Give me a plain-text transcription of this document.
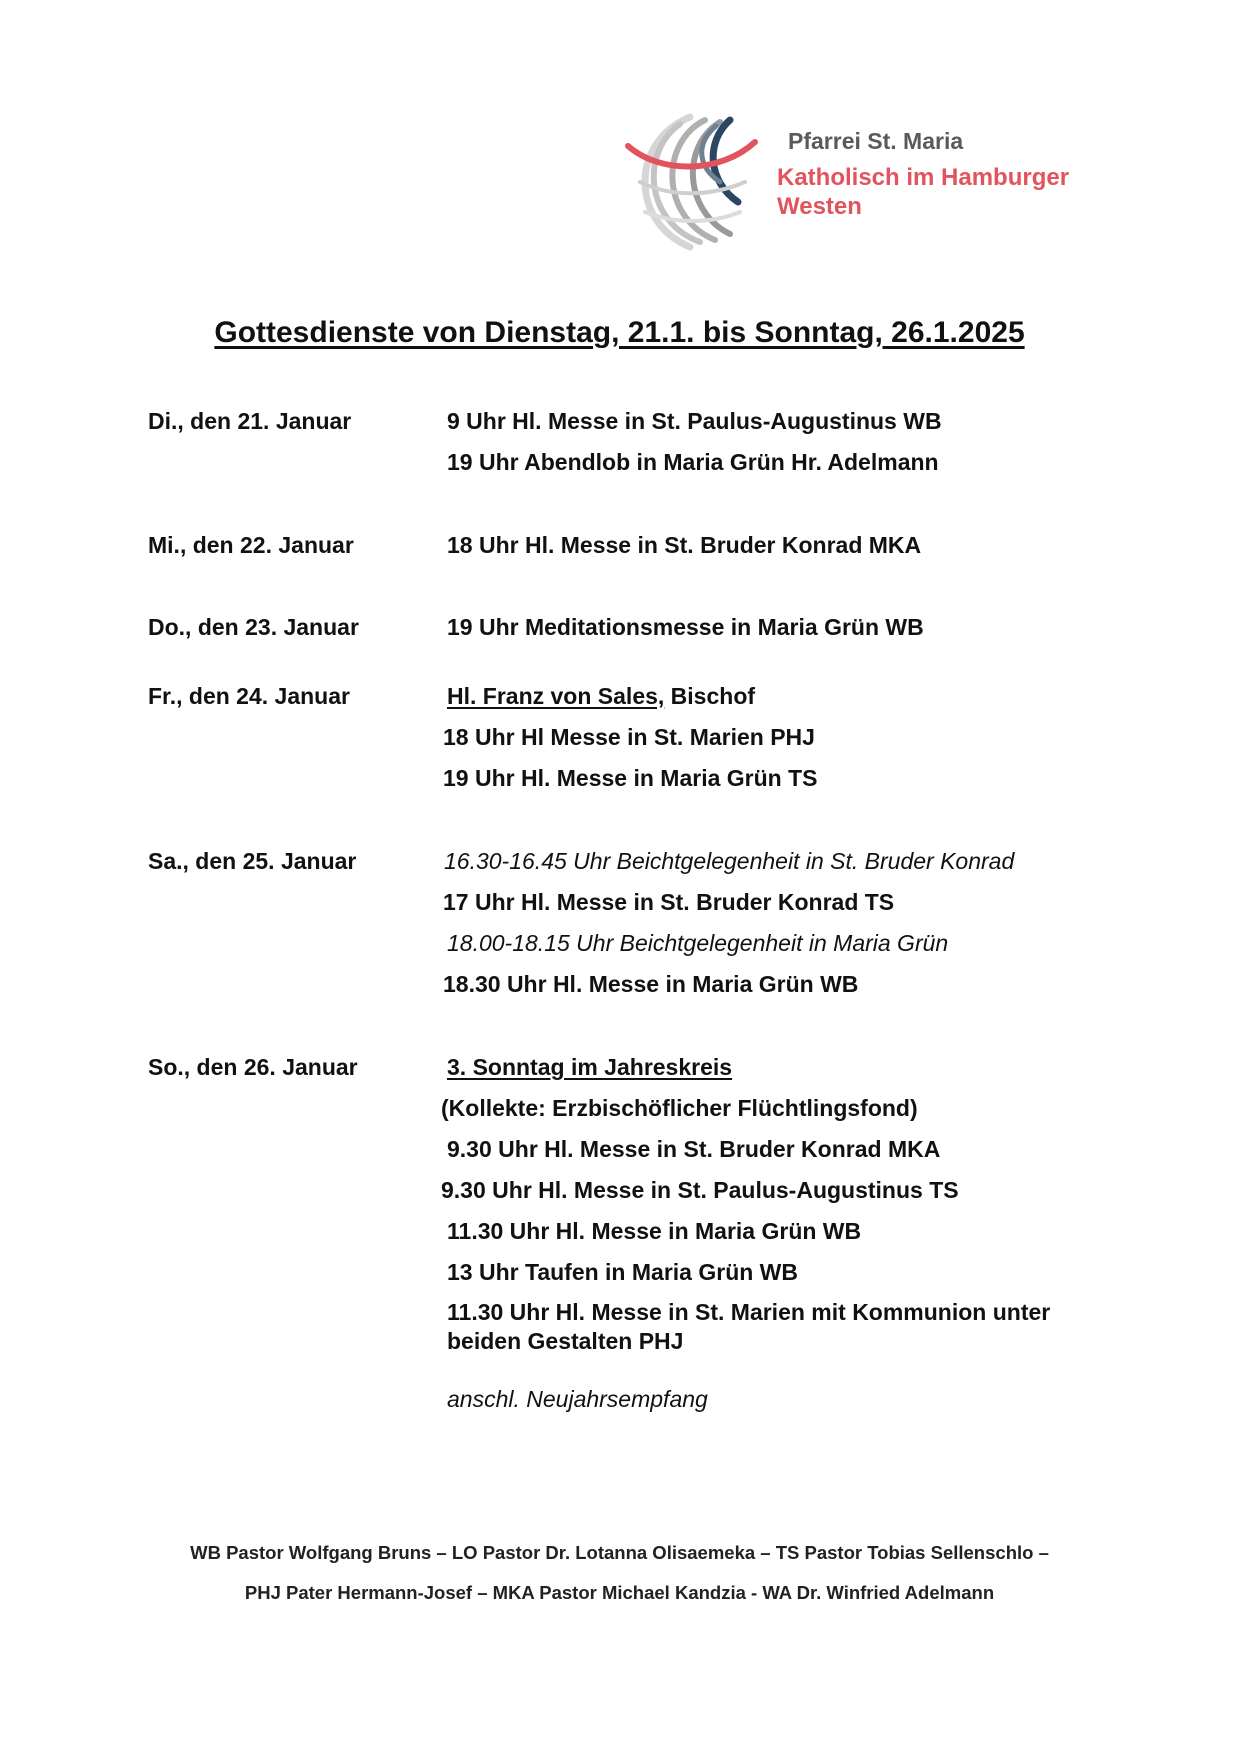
Pfarrei St. Maria
Katholisch im Hamburger Westen
Gottesdienste von Dienstag, 21.1. bis Sonntag, 26.1.2025
Di., den 21. Januar	9 Uhr Hl. Messe in St. Paulus-Augustinus WB
19 Uhr Abendlob in Maria Grün Hr. Adelmann
Mi., den 22. Januar	18 Uhr Hl. Messe in St. Bruder Konrad MKA
Do., den 23. Januar	19 Uhr Meditationsmesse in Maria Grün WB
Fr., den 24. Januar	Hl. Franz von Sales, Bischof
18 Uhr Hl Messe in St. Marien PHJ
19 Uhr Hl. Messe in Maria Grün TS
Sa., den 25. Januar	16.30-16.45 Uhr Beichtgelegenheit in St. Bruder Konrad
17 Uhr Hl. Messe in St. Bruder Konrad TS
18.00-18.15 Uhr Beichtgelegenheit in Maria Grün
18.30 Uhr Hl. Messe in Maria Grün WB
So., den 26. Januar	3. Sonntag im Jahreskreis
(Kollekte: Erzbischöflicher Flüchtlingsfond)
9.30 Uhr Hl. Messe in St. Bruder Konrad MKA
9.30 Uhr Hl. Messe in St. Paulus-Augustinus TS
11.30 Uhr Hl. Messe in Maria Grün WB
13 Uhr Taufen in Maria Grün WB
11.30 Uhr Hl. Messe in St. Marien mit Kommunion unter beiden Gestalten PHJ
anschl. Neujahrsempfang
WB Pastor Wolfgang Bruns – LO Pastor Dr. Lotanna Olisaemeka – TS Pastor Tobias Sellenschlo –
PHJ Pater Hermann-Josef – MKA Pastor Michael Kandzia - WA Dr. Winfried Adelmann
